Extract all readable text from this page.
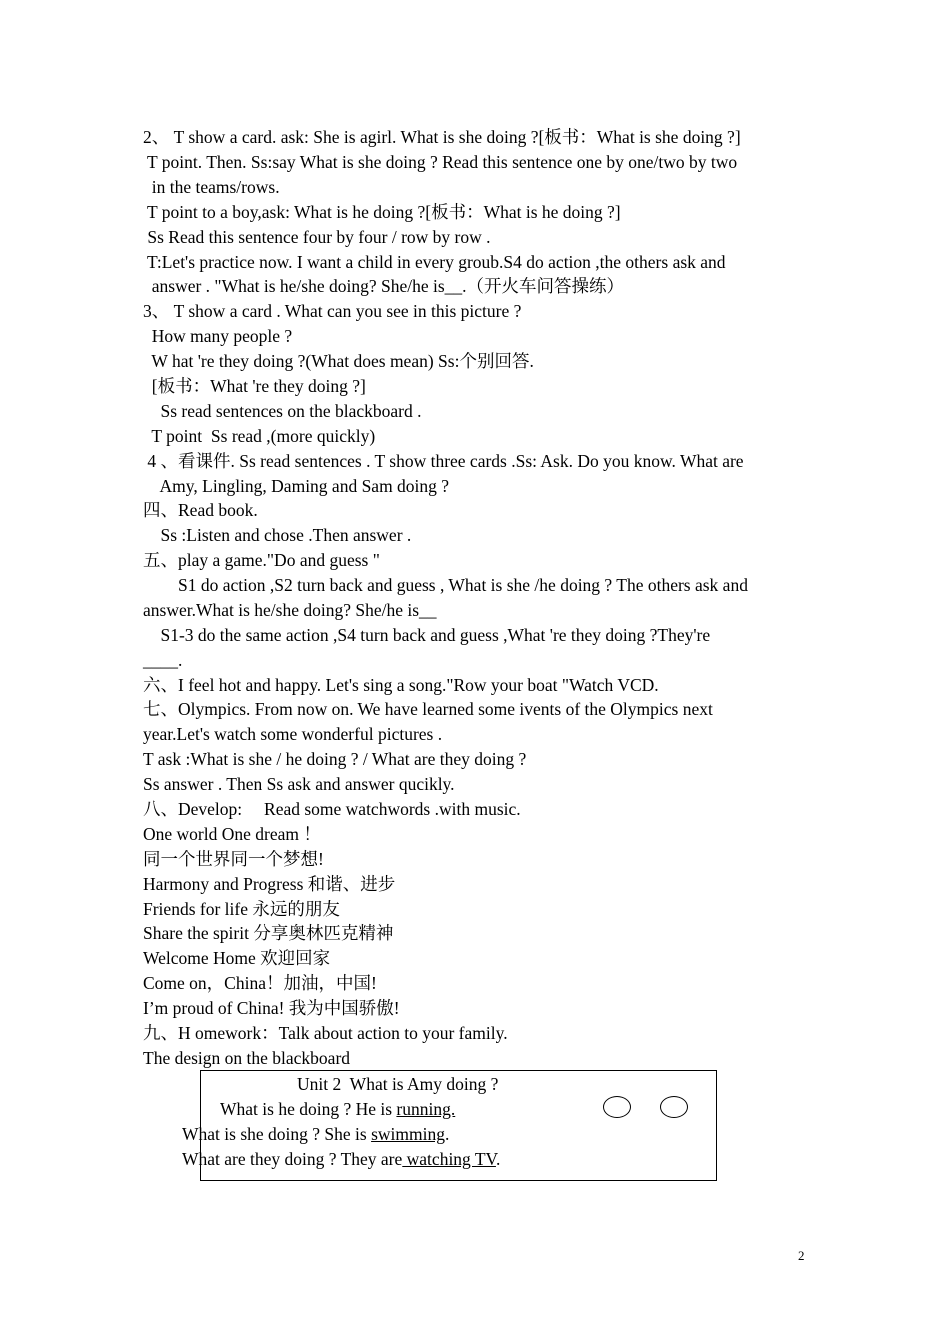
2、 T show a card. ask: She is agirl. What is she doing ?[板书：What is she doing ?]
T point. Then. Ss:say What is she doing ? Read this sentence one by one/two by two
in the teams/rows.
T point to a boy,ask: What is he doing ?[板书：What is he doing ?]
Ss Read this sentence four by four / row by row .
T:Let's practice now. I want a child in every groub.S4 do action ,the others ask and
answer . "What is he/she doing? She/he is__.（开火车问答操练）
3、 T show a card . What can you see in this picture ?
How many people ?
W hat 're they doing ?(What does mean) Ss:个别回答.
[板书：What 're they doing ?]
Ss read sentences on the blackboard .
T point  Ss read ,(more quickly)
4 、看课件. Ss read sentences . T show three cards .Ss: Ask. Do you know. What are
Amy, Lingling, Daming and Sam doing ?
四、Read book.
Ss :Listen and chose .Then answer .
五、play a game."Do and guess "
S1 do action ,S2 turn back and guess , What is she /he doing ? The others ask and
answer.What is he/she doing? She/he is__
S1-3 do the same action ,S4 turn back and guess ,What 're they doing ?They're
____.
六、I feel hot and happy. Let's sing a song."Row your boat "Watch VCD.
七、Olympics. From now on. We have learned some ivents of the Olympics next
year.Let's watch some wonderful pictures .
T ask :What is she / he doing ? / What are they doing ?
Ss answer . Then Ss ask and answer qucikly.
八、Develop:     Read some watchwords .with music.
One world One dream ！
同一个世界同一个梦想!
Harmony and Progress 和谐、进步
Friends for life 永远的朋友
Share the spirit 分享奥林匹克精神
Welcome Home 欢迎回家
Come on，China！加油，中国!
I’m proud of China! 我为中国骄傲!
九、H omework：Talk about action to your family.
The design on the blackboard
Unit 2  What is Amy doing ?
What is he doing ? He is running.
What is she doing ? She is swimming.
What are they doing ? They are watching TV.
2
